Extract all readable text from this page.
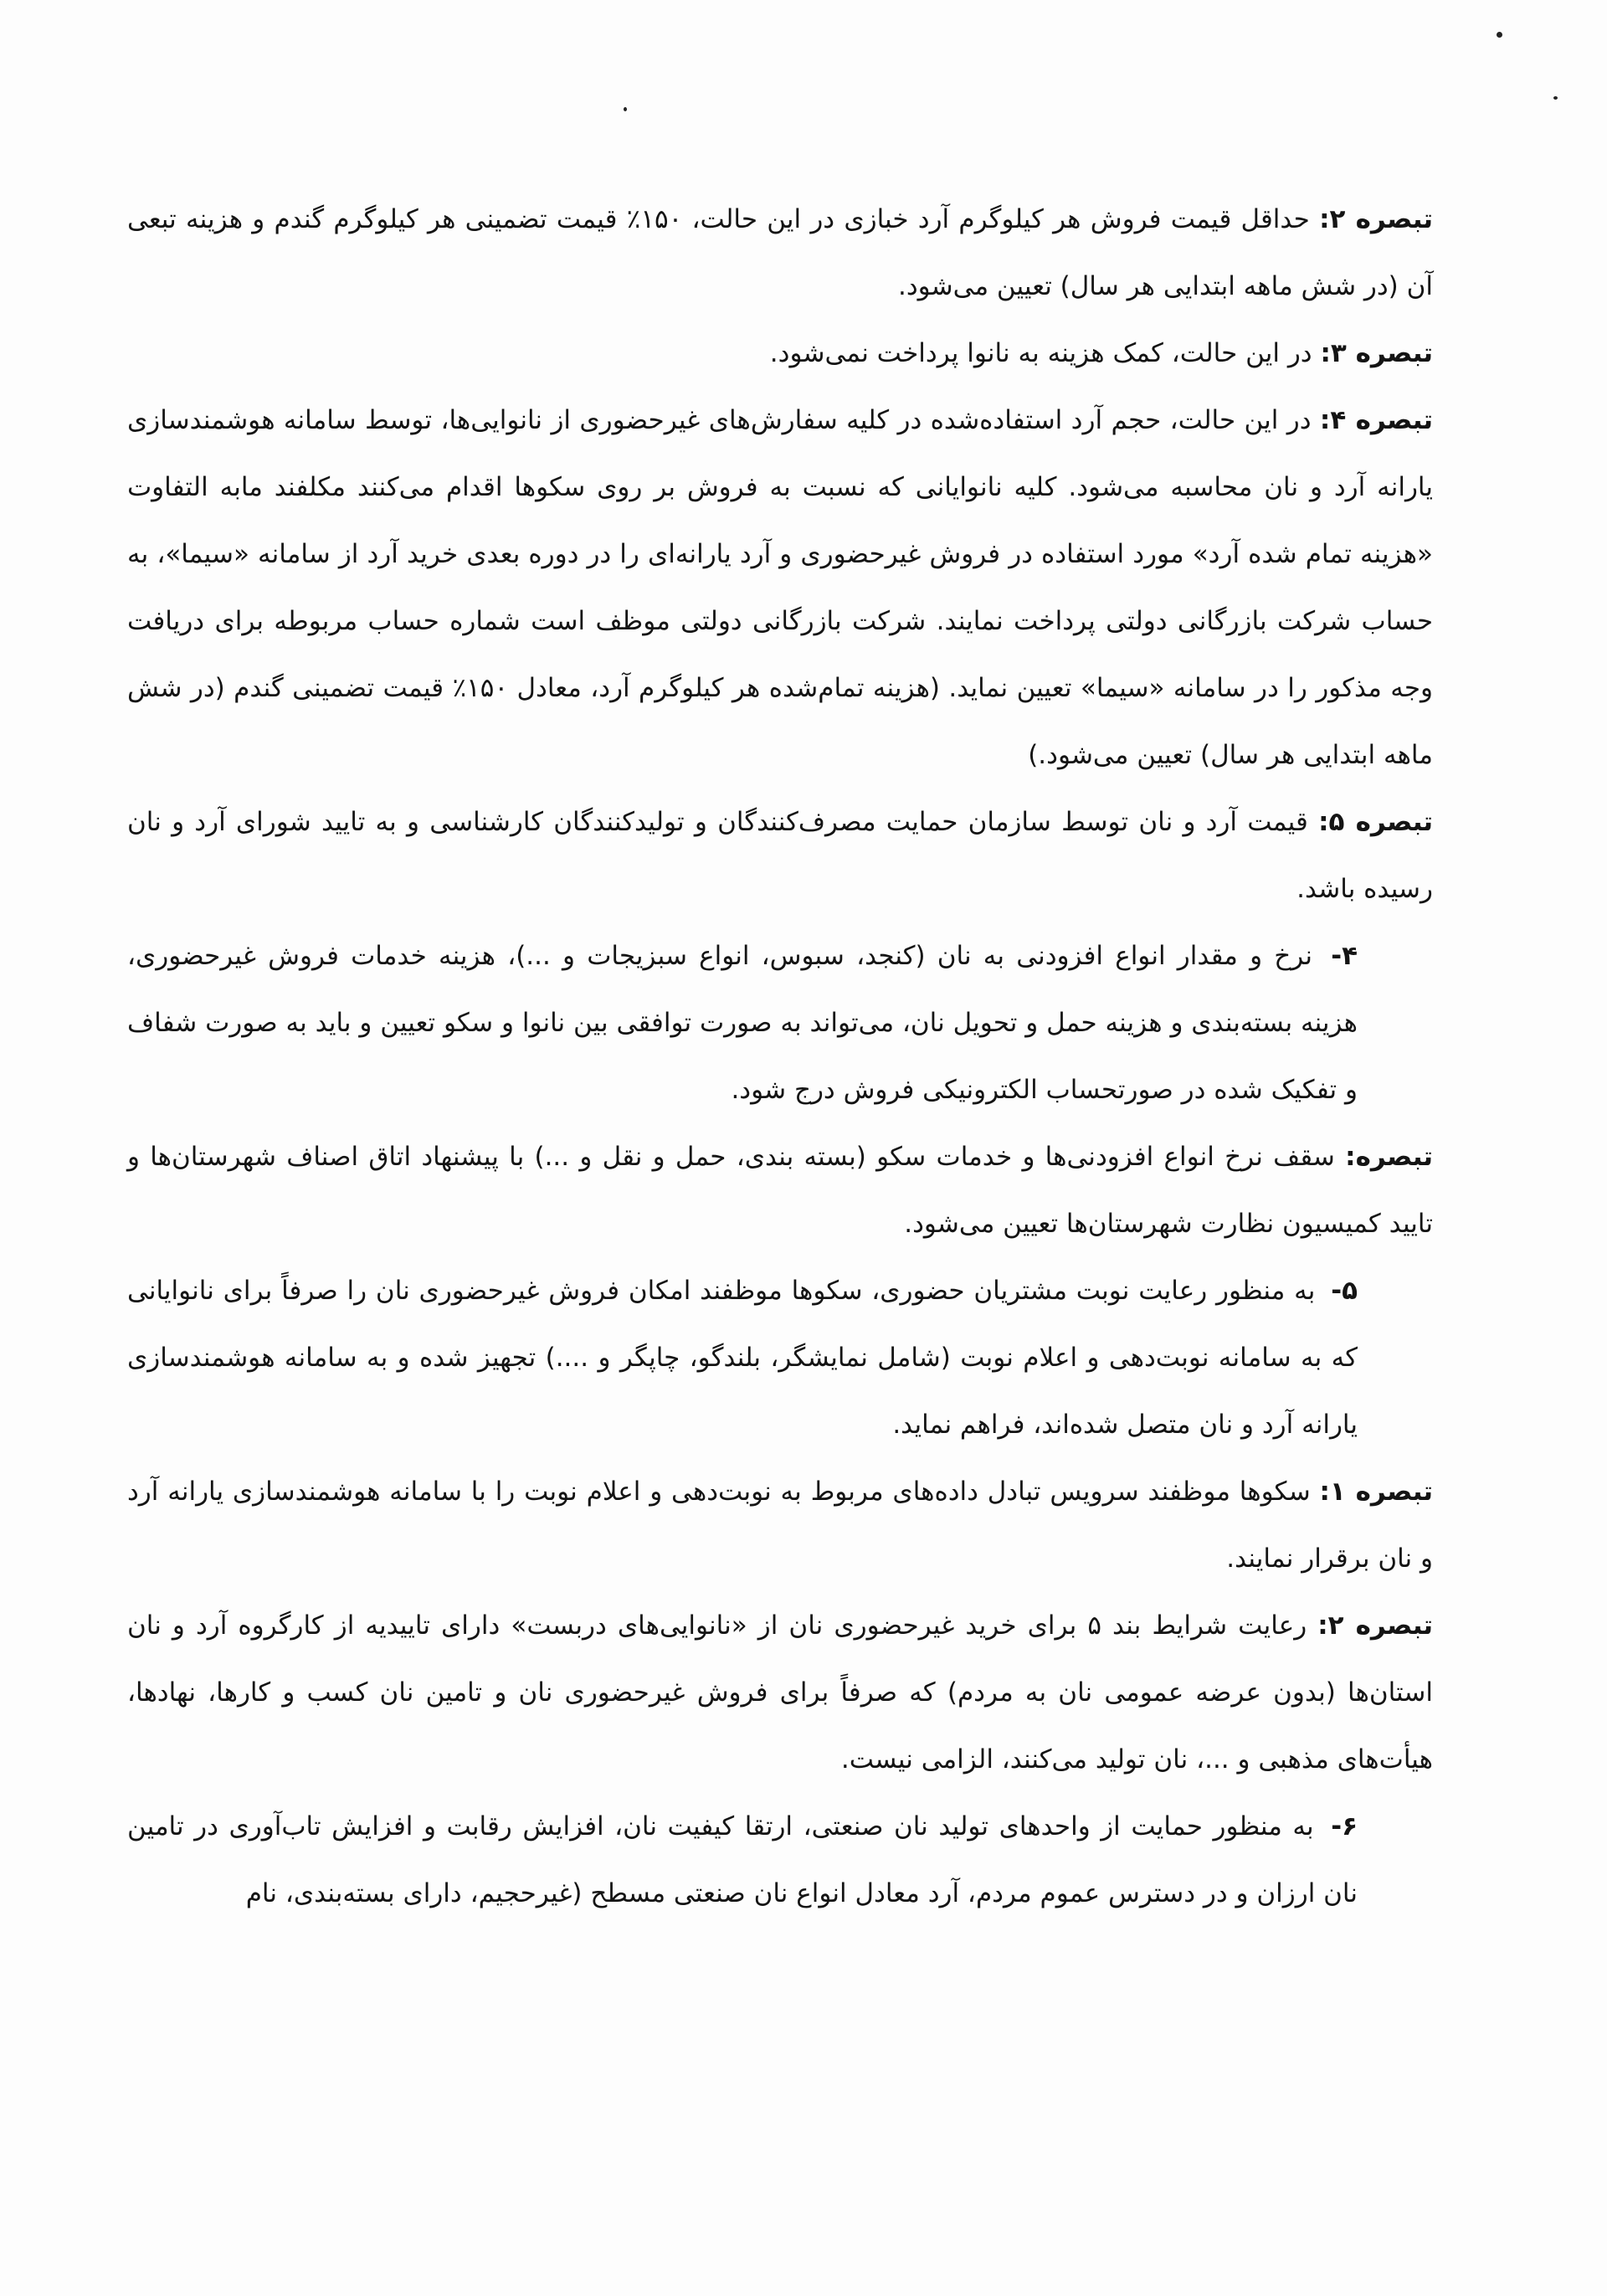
تبصره ۲: حداقل قیمت فروش هر کیلوگرم آرد خبازی در این حالت، ۱۵۰٪ قیمت تضمینی هر کیلوگرم گندم و هزینه تبعی آن (در شش ماهه ابتدایی هر سال) تعیین می‌شود.

تبصره ۳: در این حالت، کمک هزینه به نانوا پرداخت نمی‌شود.

تبصره ۴: در این حالت، حجم آرد استفاده‌شده در کلیه سفارش‌های غیرحضوری از نانوایی‌ها، توسط سامانه هوشمندسازی یارانه آرد و نان محاسبه می‌شود. کلیه نانوایانی که نسبت به فروش بر روی سکوها اقدام می‌کنند مکلفند مابه التفاوت «هزینه تمام شده آرد» مورد استفاده در فروش غیرحضوری و آرد یارانه‌ای را در دوره بعدی خرید آرد از سامانه «سیما»، به حساب شرکت بازرگانی دولتی پرداخت نمایند. شرکت بازرگانی دولتی موظف است شماره حساب مربوطه برای دریافت وجه مذکور را در سامانه «سیما» تعیین نماید. (هزینه تمام‌شده هر کیلوگرم آرد، معادل ۱۵۰٪ قیمت تضمینی گندم (در شش ماهه ابتدایی هر سال) تعیین می‌شود.)

تبصره ۵: قیمت آرد و نان توسط سازمان حمایت مصرف‌کنندگان و تولیدکنندگان کارشناسی و به تایید شورای آرد و نان رسیده باشد.

۴- نرخ و مقدار انواع افزودنی به نان (کنجد، سبوس، انواع سبزیجات و ...)، هزینه خدمات فروش غیرحضوری، هزینه بسته‌بندی و هزینه حمل و تحویل نان، می‌تواند به صورت توافقی بین نانوا و سکو تعیین و باید به صورت شفاف و تفکیک شده در صورتحساب الکترونیکی فروش درج شود.

تبصره: سقف نرخ انواع افزودنی‌ها و خدمات سکو (بسته بندی، حمل و نقل و ...) با پیشنهاد اتاق اصناف شهرستان‌ها و تایید کمیسیون نظارت شهرستان‌ها تعیین می‌شود.

۵- به منظور رعایت نوبت مشتریان حضوری، سکوها موظفند امکان فروش غیرحضوری نان را صرفاً برای نانوایانی که به سامانه نوبت‌دهی و اعلام نوبت (شامل نمایشگر، بلندگو، چاپگر و ....) تجهیز شده و به سامانه هوشمندسازی یارانه آرد و نان متصل شده‌اند، فراهم نماید.

تبصره ۱: سکوها موظفند سرویس تبادل داده‌های مربوط به نوبت‌دهی و اعلام نوبت را با سامانه هوشمندسازی یارانه آرد و نان برقرار نمایند.

تبصره ۲: رعایت شرایط بند ۵ برای خرید غیرحضوری نان از «نانوایی‌های دربست» دارای تاییدیه از کارگروه آرد و نان استان‌ها (بدون عرضه عمومی نان به مردم) که صرفاً برای فروش غیرحضوری نان و تامین نان کسب و کارها، نهادها، هیأت‌های مذهبی و ...، نان تولید می‌کنند، الزامی نیست.

۶- به منظور حمایت از واحدهای تولید نان صنعتی، ارتقا کیفیت نان، افزایش رقابت و افزایش تاب‌آوری در تامین نان ارزان و در دسترس عموم مردم، آرد معادل انواع نان صنعتی مسطح (غیرحجیم، دارای بسته‌بندی، نام
